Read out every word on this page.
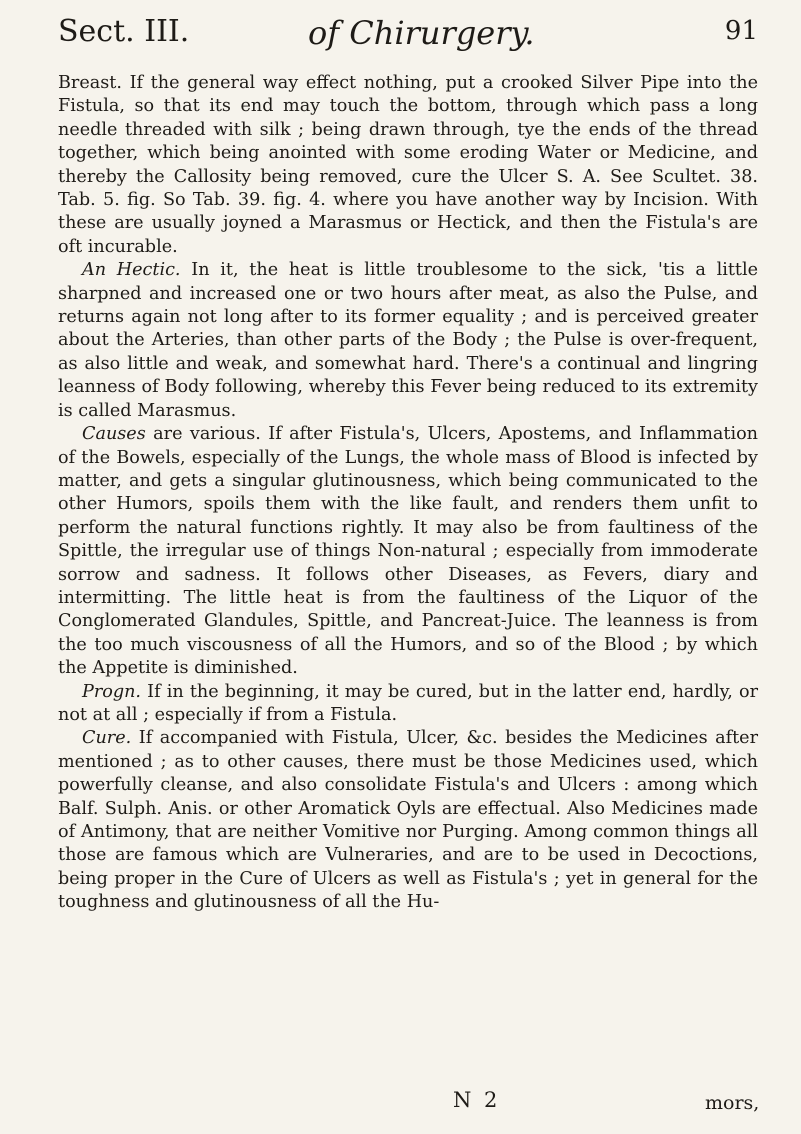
Sect. III.	of Chirurgery.	91

Breast. If the general way effect nothing, put a crooked Silver Pipe into the Fistula, so that its end may touch the bottom, through which pass a long needle threaded with silk ; being drawn through, tye the ends of the thread together, which being anointed with some eroding Water or Medicine, and thereby the Callosity being removed, cure the Ulcer S. A. See Scultet. 38. Tab. 5. fig. So Tab. 39. fig. 4. where you have another way by Incision. With these are usually joyned a Marasmus or Hectick, and then the Fistula's are oft incurable.

An Hectic. In it, the heat is little troublesome to the sick, 'tis a little sharpned and increased one or two hours after meat, as also the Pulse, and returns again not long after to its former equality ; and is perceived greater about the Arteries, than other parts of the Body ; the Pulse is over-frequent, as also little and weak, and somewhat hard. There's a continual and lingring leanness of Body following, whereby this Fever being reduced to its extremity is called Marasmus.

Causes are various. If after Fistula's, Ulcers, Apostems, and Inflammation of the Bowels, especially of the Lungs, the whole mass of Blood is infected by matter, and gets a singular glutinousness, which being communicated to the other Humors, spoils them with the like fault, and renders them unfit to perform the natural functions rightly. It may also be from faultiness of the Spittle, the irregular use of things Non-natural ; especially from immoderate sorrow and sadness. It follows other Diseases, as Fevers, diary and intermitting. The little heat is from the faultiness of the Liquor of the Conglomerated Glandules, Spittle, and Pancreat-Juice. The leanness is from the too much viscousness of all the Humors, and so of the Blood ; by which the Appetite is diminished.

Progn. If in the beginning, it may be cured, but in the latter end, hardly, or not at all ; especially if from a Fistula.

Cure. If accompanied with Fistula, Ulcer, &c. besides the Medicines after mentioned ; as to other causes, there must be those Medicines used, which powerfully cleanse, and also consolidate Fistula's and Ulcers : among which Balf. Sulph. Anis. or other Aromatick Oyls are effectual. Also Medicines made of Antimony, that are neither Vomitive nor Purging. Among common things all those are famous which are Vulneraries, and are to be used in Decoctions, being proper in the Cure of Ulcers as well as Fistula's ; yet in general for the toughness and glutinousness of all the Hu-

N 2	mors,
